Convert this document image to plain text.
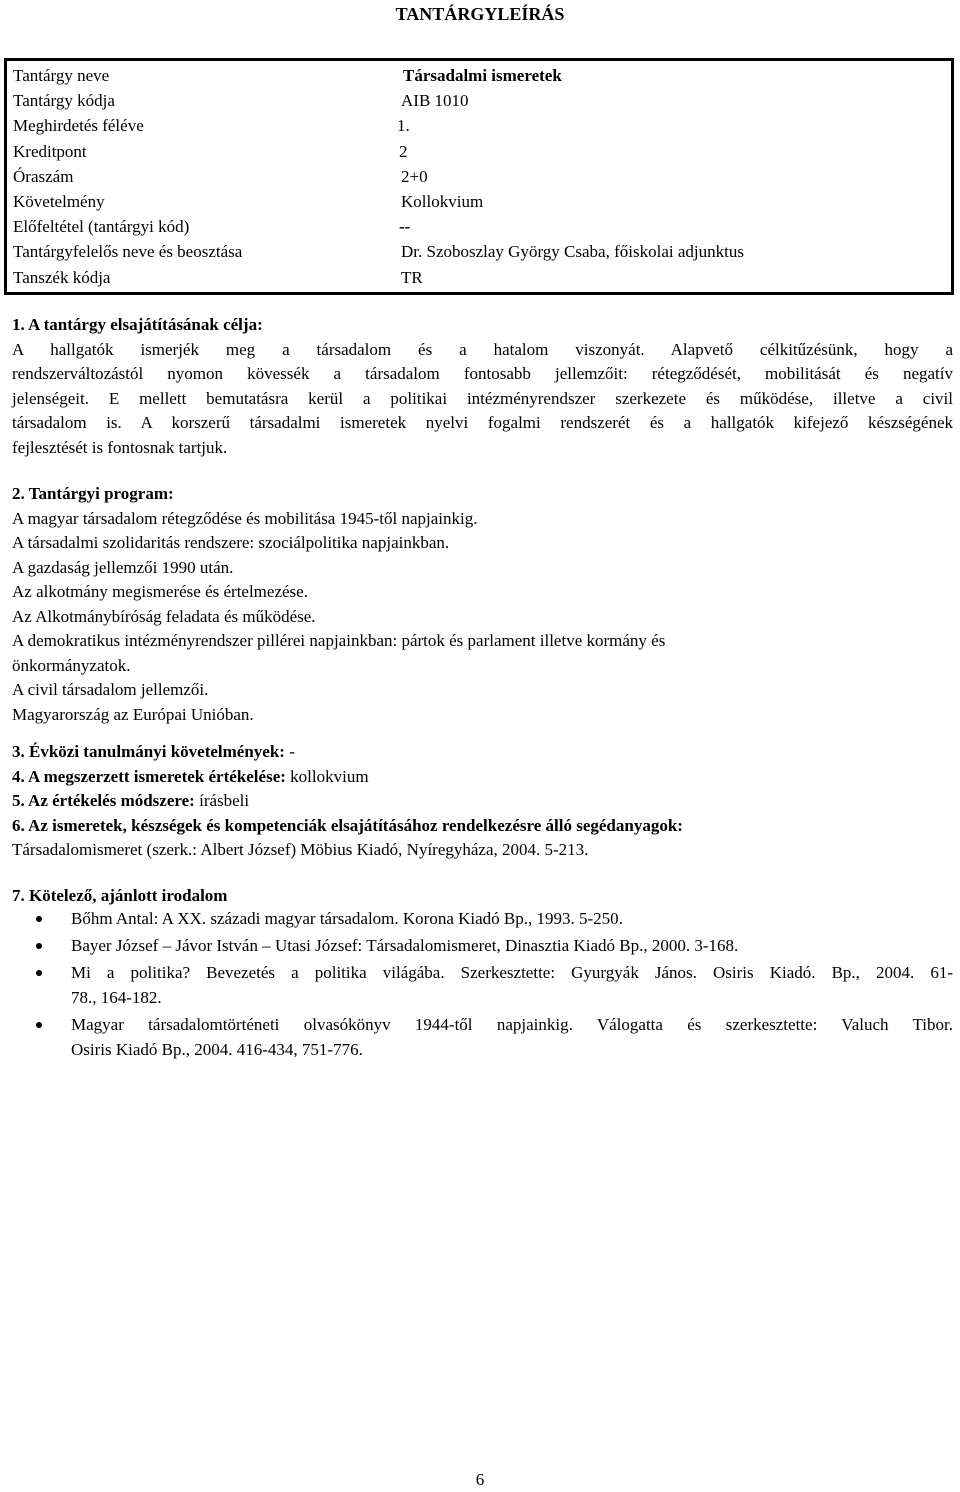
TANTÁRGYLEÍRÁS
Tantárgy neve	Társadalmi ismeretek
Tantárgy kódja	AIB 1010
Meghirdetés féléve	1.
Kreditpont	2
Óraszám	2+0
Követelmény	Kollokvium
Előfeltétel (tantárgyi kód)	--
Tantárgyfelelős neve és beosztása	Dr. Szoboszlay György Csaba, főiskolai adjunktus
Tanszék kódja	TR
1. A tantárgy elsajátításának célja:
A hallgatók ismerjék meg a társadalom és a hatalom viszonyát. Alapvető célkitűzésünk, hogy a
rendszerváltozástól nyomon kövessék a társadalom fontosabb jellemzőit: rétegződését, mobilitását és negatív
jelenségeit. E mellett bemutatásra kerül a politikai intézményrendszer szerkezete és működése, illetve a civil
társadalom is. A korszerű társadalmi ismeretek nyelvi fogalmi rendszerét és a hallgatók kifejező készségének
fejlesztését is fontosnak tartjuk.
2. Tantárgyi program:
A magyar társadalom rétegződése és mobilitása 1945-től napjainkig.
A társadalmi szolidaritás rendszere: szociálpolitika napjainkban.
A gazdaság jellemzői 1990 után.
Az alkotmány megismerése és értelmezése.
Az Alkotmánybíróság feladata és működése.
A demokratikus intézményrendszer pillérei napjainkban: pártok és parlament illetve kormány és
önkormányzatok.
A civil társadalom jellemzői.
Magyarország az Európai Unióban.
3. Évközi tanulmányi követelmények: -
4. A megszerzett ismeretek értékelése: kollokvium
5. Az értékelés módszere: írásbeli
6. Az ismeretek, készségek és kompetenciák elsajátításához rendelkezésre álló segédanyagok:
Társadalomismeret (szerk.: Albert József) Möbius Kiadó, Nyíregyháza, 2004. 5-213.
7. Kötelező, ajánlott irodalom
Bőhm Antal: A XX. századi magyar társadalom. Korona Kiadó Bp., 1993. 5-250.
Bayer József – Jávor István – Utasi József: Társadalomismeret, Dinasztia Kiadó Bp., 2000. 3-168.
Mi a politika? Bevezetés a politika világába. Szerkesztette: Gyurgyák János. Osiris Kiadó. Bp., 2004. 61-
78., 164-182.
Magyar társadalomtörténeti olvasókönyv 1944-től napjainkig. Válogatta és szerkesztette: Valuch Tibor.
Osiris Kiadó Bp., 2004. 416-434, 751-776.
6
